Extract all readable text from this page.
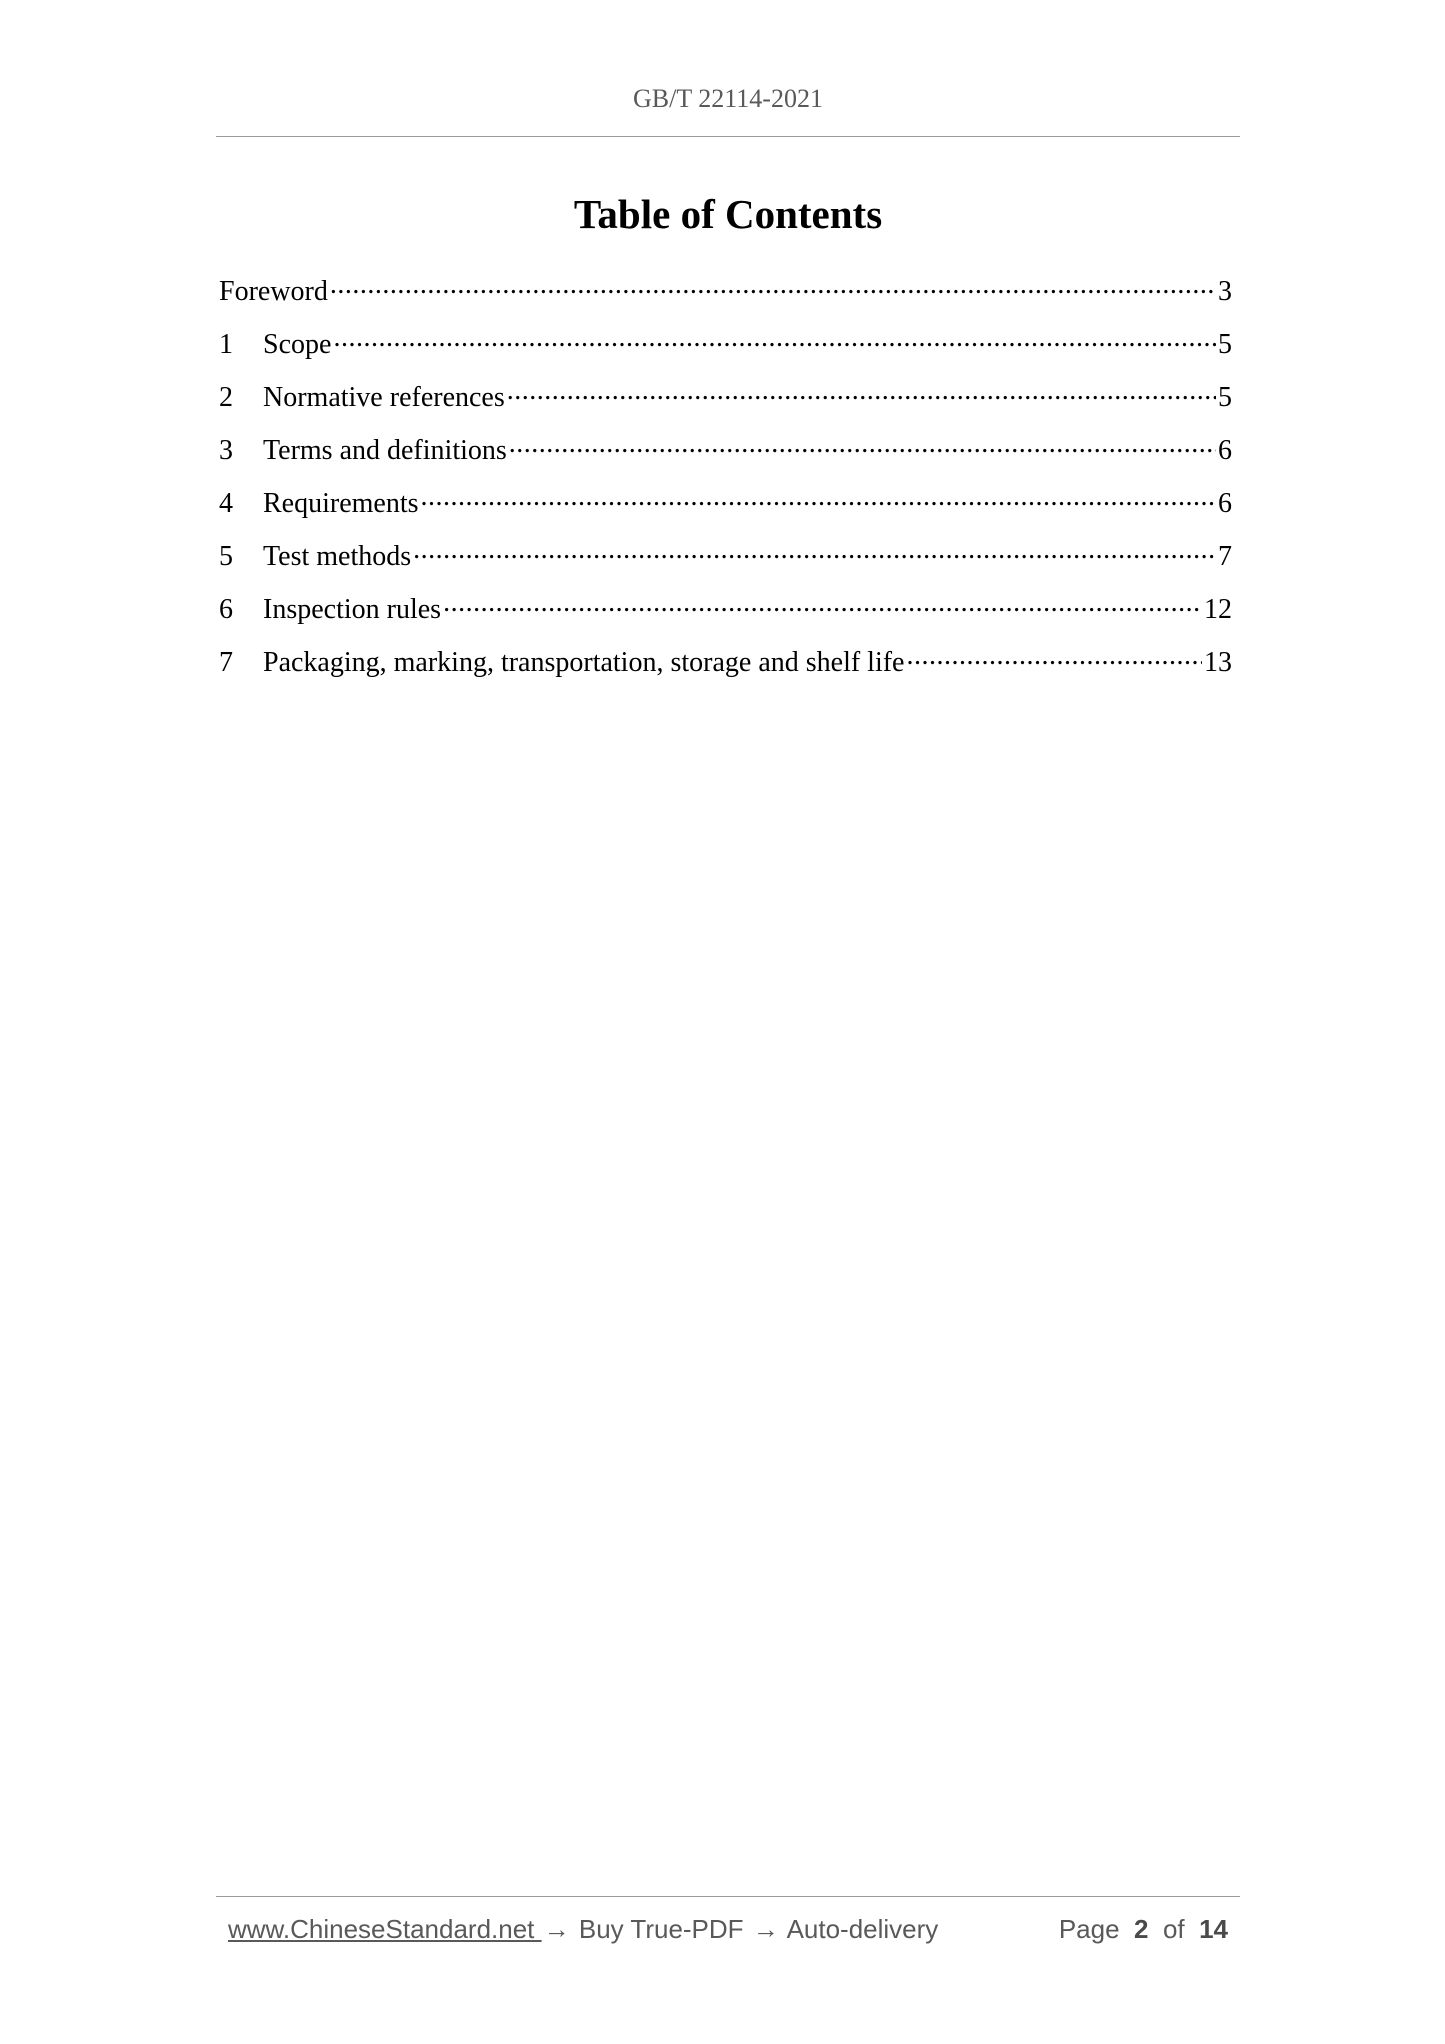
GB/T 22114-2021
Table of Contents
Foreword .....	3
1	Scope .....	5
2	Normative references .....	5
3	Terms and definitions .....	6
4	Requirements .....	6
5	Test methods .....	7
6	Inspection rules .....	12
7	Packaging, marking, transportation, storage and shelf life .....	13
www.ChineseStandard.net → Buy True-PDF → Auto-delivery	Page 2 of 14
